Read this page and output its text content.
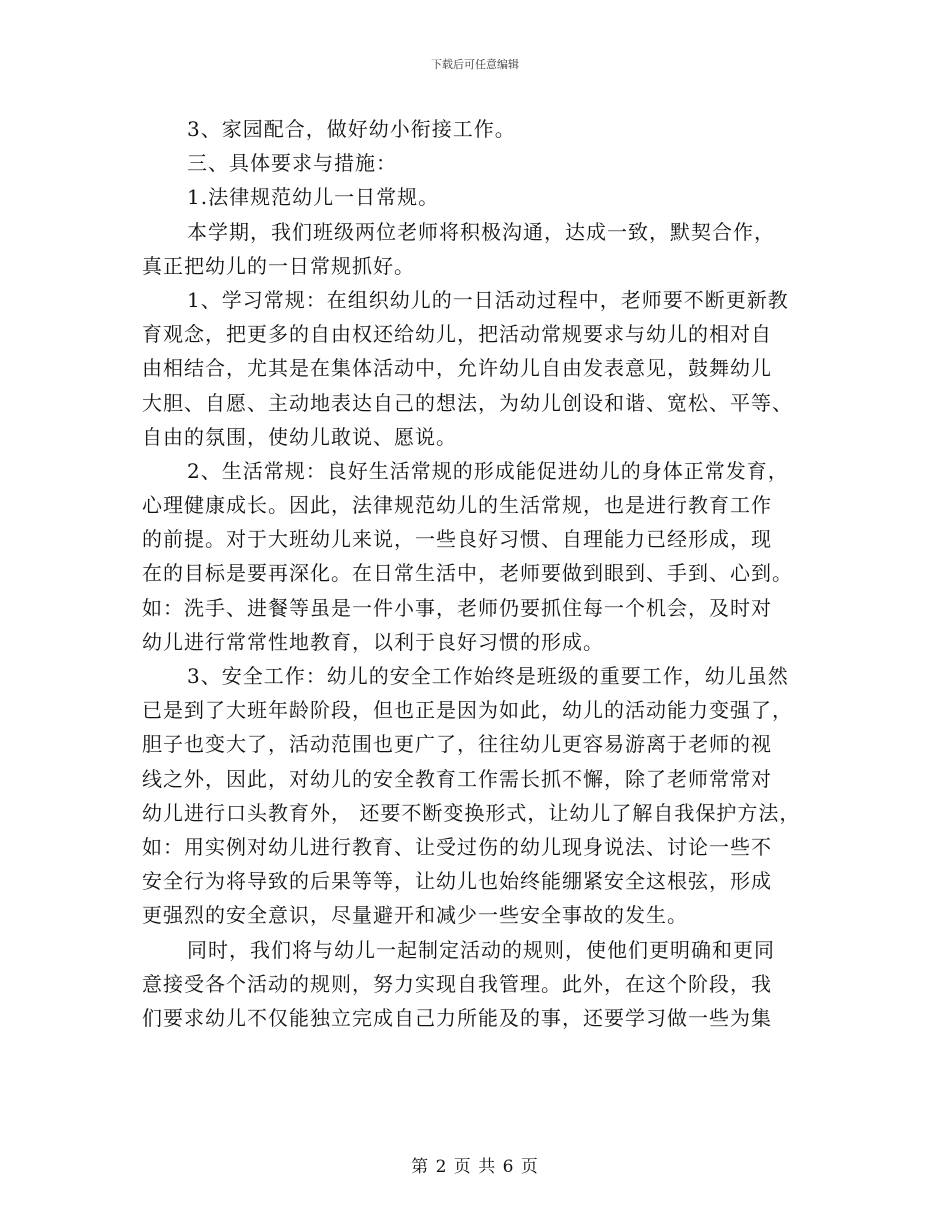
下载后可任意编辑
3、家园配合，做好幼小衔接工作。
三、具体要求与措施：
1.法律规范幼儿一日常规。
本学期，我们班级两位老师将积极沟通，达成一致，默契合作，
真正把幼儿的一日常规抓好。
1、学习常规：在组织幼儿的一日活动过程中，老师要不断更新教
育观念，把更多的自由权还给幼儿，把活动常规要求与幼儿的相对自
由相结合，尤其是在集体活动中，允许幼儿自由发表意见，鼓舞幼儿
大胆、自愿、主动地表达自己的想法，为幼儿创设和谐、宽松、平等、
自由的氛围，使幼儿敢说、愿说。
2、生活常规：良好生活常规的形成能促进幼儿的身体正常发育，
心理健康成长。因此，法律规范幼儿的生活常规，也是进行教育工作
的前提。对于大班幼儿来说，一些良好习惯、自理能力已经形成，现
在的目标是要再深化。在日常生活中，老师要做到眼到、手到、心到。
如：洗手、进餐等虽是一件小事，老师仍要抓住每一个机会，及时对
幼儿进行常常性地教育，以利于良好习惯的形成。
3、安全工作：幼儿的安全工作始终是班级的重要工作，幼儿虽然
已是到了大班年龄阶段，但也正是因为如此，幼儿的活动能力变强了，
胆子也变大了，活动范围也更广了，往往幼儿更容易游离于老师的视
线之外，因此，对幼儿的安全教育工作需长抓不懈，除了老师常常对
幼儿进行口头教育外， 还要不断变换形式，让幼儿了解自我保护方法，
如：用实例对幼儿进行教育、让受过伤的幼儿现身说法、讨论一些不
安全行为将导致的后果等等，让幼儿也始终能绷紧安全这根弦，形成
更强烈的安全意识，尽量避开和减少一些安全事故的发生。
同时，我们将与幼儿一起制定活动的规则，使他们更明确和更同
意接受各个活动的规则，努力实现自我管理。此外，在这个阶段，我
们要求幼儿不仅能独立完成自己力所能及的事，还要学习做一些为集
第 2 页 共 6 页
